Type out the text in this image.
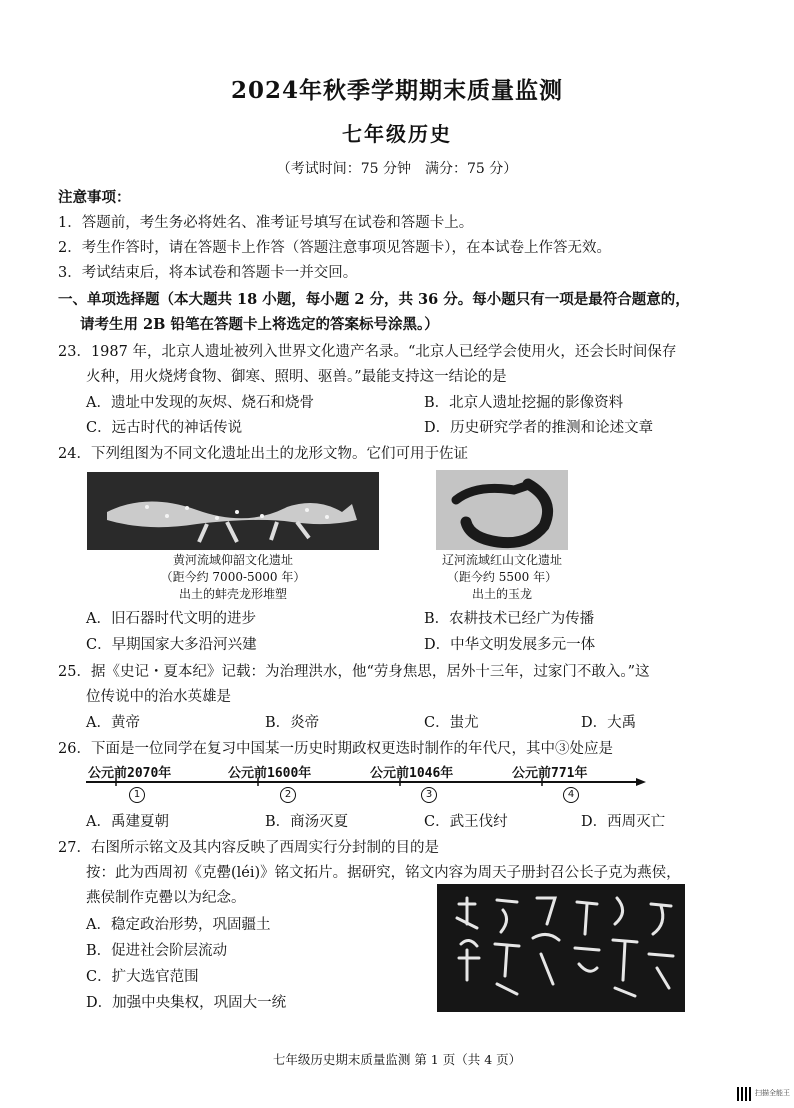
2024年秋季学期期末质量监测
七年级历史
（考试时间：75 分钟　满分：75 分）
注意事项：
1．答题前，考生务必将姓名、准考证号填写在试卷和答题卡上。
2．考生作答时，请在答题卡上作答（答题注意事项见答题卡），在本试卷上作答无效。
3．考试结束后，将本试卷和答题卡一并交回。
一、单项选择题（本大题共 18 小题，每小题 2 分，共 36 分。每小题只有一项是最符合题意的，
请考生用 2B 铅笔在答题卡上将选定的答案标号涂黑。）
23．1987 年，北京人遗址被列入世界文化遗产名录。“北京人已经学会使用火，还会长时间保存
火种，用火烧烤食物、御寒、照明、驱兽。”最能支持这一结论的是
A．遗址中发现的灰烬、烧石和烧骨	B．北京人遗址挖掘的影像资料
C．远古时代的神话传说	D．历史研究学者的推测和论述文章
24．下列组图为不同文化遗址出土的龙形文物。它们可用于佐证
黄河流域仰韶文化遗址
（距今约 7000-5000 年）
出土的蚌壳龙形堆塑
辽河流域红山文化遗址
（距今约 5500 年）
出土的玉龙
A．旧石器时代文明的进步	B．农耕技术已经广为传播
C．早期国家大多沿河兴建	D．中华文明发展多元一体
25．据《史记・夏本纪》记载：为治理洪水，他“劳身焦思，居外十三年，过家门不敢入。”这
位传说中的治水英雄是
A．黄帝	B．炎帝	C．蚩尤	D．大禹
26．下面是一位同学在复习中国某一历史时期政权更迭时制作的年代尺，其中③处应是
公元前2070年	公元前1600年	公元前1046年	公元前771年
1	2	3	4
A．禹建夏朝	B．商汤灭夏	C．武王伐纣	D．西周灭亡
27．右图所示铭文及其内容反映了西周实行分封制的目的是
按：此为西周初《克罍(léi)》铭文拓片。据研究，铭文内容为周天子册封召公长子克为燕侯，
燕侯制作克罍以为纪念。
A．稳定政治形势，巩固疆土
B．促进社会阶层流动
C．扩大选官范围
D．加强中央集权，巩固大一统
七年级历史期末质量监测 第 1 页（共 4 页）
扫描全能王
